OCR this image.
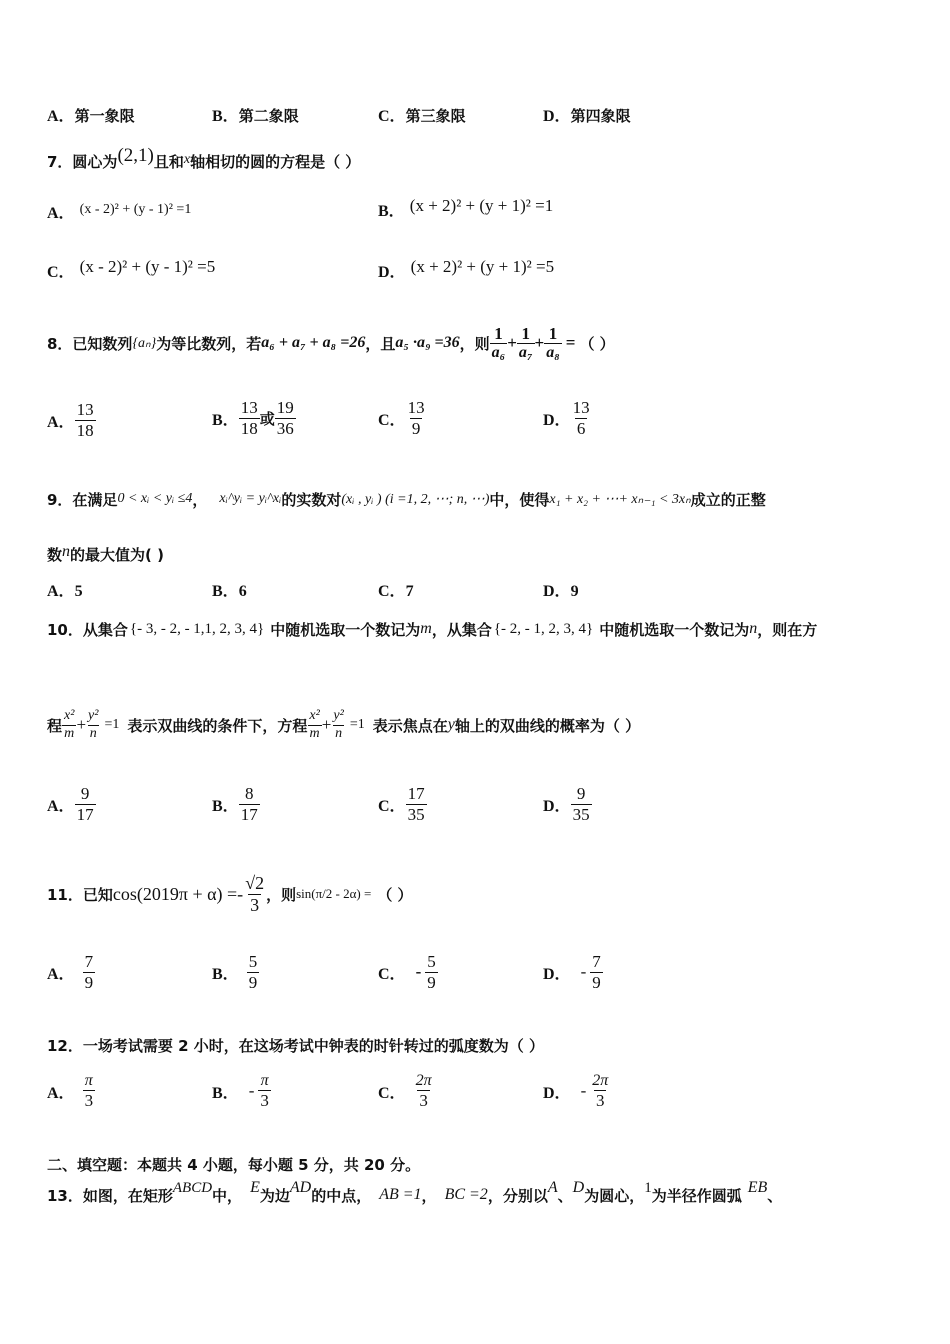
A．第一象限	B．第二象限	C．第三象限	D．第四象限
7．圆心为(2,1)且和x轴相切的圆的方程是（ ）
A． (x - 2)² + (y - 1)² =1	B． (x + 2)² + (y + 1)² =1
C． (x - 2)² + (y - 1)² =5	D． (x + 2)² + (y + 1)² =5
8．已知数列 {aₙ} 为等比数列，若 a₆ + a₇ + a₈ =26 ，且 a₅ ·a₉ =36 ，则 $\frac{1}{\text{a₆}} + \frac{1}{\text{a₇}} + \frac{1}{\text{a₈}}$ = （ ）
A． $\frac{13}{18}$	B． $\frac{13}{18}$ 或 $\frac{19}{36}$	C． $\frac{13}{9}$	D． $\frac{13}{6}$
9．在满足 0 < xᵢ < yᵢ ≤4 ， xᵢ^yᵢ = yᵢ^xᵢ 的实数对 (xᵢ , yᵢ ) (i =1, 2, ⋯; n, ⋯) 中，使得 x₁ + x₂ + ⋯+ xₙ₋₁ < 3xₙ 成立的正整
数n的最大值为( )
A．5	B．6	C．7	D．9
10．从集合 {- 3, - 2, - 1,1, 2, 3, 4} 中随机选取一个数记为 m ，从集合 {- 2, - 1, 2, 3, 4} 中随机选取一个数记为 n ，则在方
程 $\frac{\text{x²}}{m} + \frac{\text{y²}}{n} =1$ 表示双曲线的条件下，方程 $\frac{\text{x²}}{m} + \frac{\text{y²}}{n} =1$ 表示焦点在 y 轴上的双曲线的概率为（ ）
A． $\frac{9}{17}$	B． $\frac{8}{17}$	C． $\frac{17}{35}$	D． $\frac{9}{35}$
11．已知 $\cos(2019\pi + \alpha) =- \frac{√2}{3}$ ，则 sin(π/2 - 2α) = （ ）
A． $\frac{7}{9}$	B． $\frac{5}{9}$	C． - $\frac{5}{9}$	D． - $\frac{7}{9}$
12．一场考试需要 2 小时，在这场考试中钟表的时针转过的弧度数为（ ）
A． $\frac{\pi}{3}$	B． - $\frac{\pi}{3}$	C． $\frac{2\pi}{3}$	D． - $\frac{2\pi}{3}$
二、填空题：本题共 4 小题，每小题 5 分，共 20 分。
13．如图，在矩形 ABCD 中， E 为边 AD 的中点， AB =1 ， BC =2 ，分别以 A 、 D 为圆心， 1 为半径作圆弧 EB 、
